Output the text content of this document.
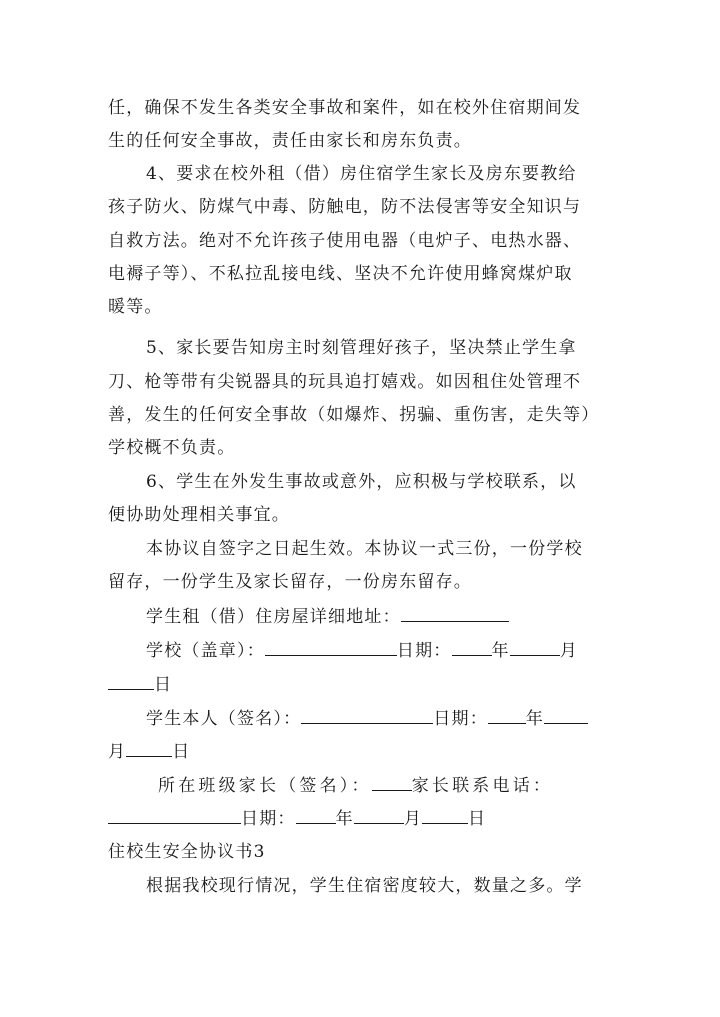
任，确保不发生各类安全事故和案件，如在校外住宿期间发
生的任何安全事故，责任由家长和房东负责。
4、要求在校外租（借）房住宿学生家长及房东要教给
孩子防火、防煤气中毒、防触电，防不法侵害等安全知识与
自救方法。绝对不允许孩子使用电器（电炉子、电热水器、
电褥子等）、不私拉乱接电线、坚决不允许使用蜂窝煤炉取
暖等。
5、家长要告知房主时刻管理好孩子，坚决禁止学生拿
刀、枪等带有尖锐器具的玩具追打嬉戏。如因租住处管理不
善，发生的任何安全事故（如爆炸、拐骗、重伤害，走失等）
学校概不负责。
6、学生在外发生事故或意外，应积极与学校联系，以
便协助处理相关事宜。
本协议自签字之日起生效。本协议一式三份，一份学校
留存，一份学生及家长留存，一份房东留存。
学生租（借）住房屋详细地址：
学校（盖章）：	日期： 年	月
日
学生本人（签名）：	日期： 年
月	日
所在班级家长（签名）： 家长联系电话：
日期： 年	月	日
住校生安全协议书3
根据我校现行情况，学生住宿密度较大，数量之多。学
